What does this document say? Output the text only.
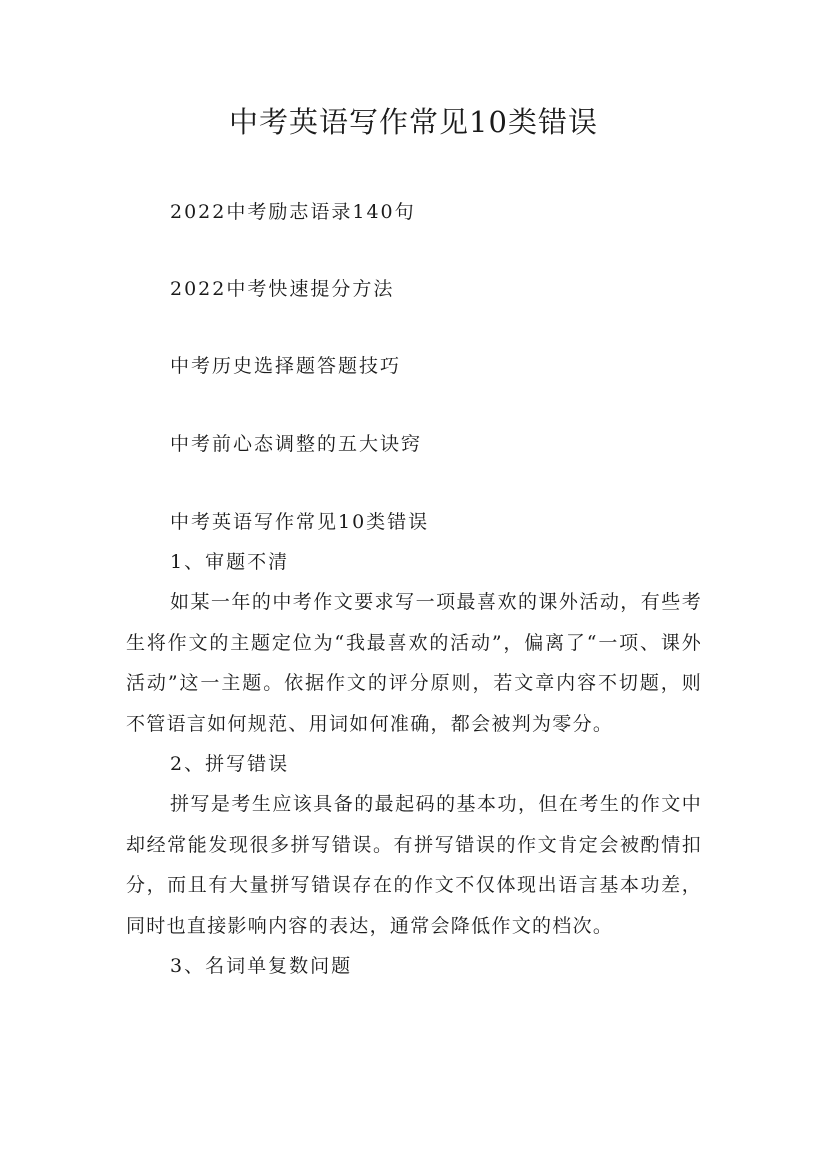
中考英语写作常见10类错误
2022中考励志语录140句
2022中考快速提分方法
中考历史选择题答题技巧
中考前心态调整的五大诀窍
中考英语写作常见10类错误

1、审题不清

如某一年的中考作文要求写一项最喜欢的课外活动，有些考生将作文的主题定位为“我最喜欢的活动”，偏离了“一项、课外活动”这一主题。依据作文的评分原则，若文章内容不切题，则不管语言如何规范、用词如何准确，都会被判为零分。

2、拼写错误

拼写是考生应该具备的最起码的基本功，但在考生的作文中却经常能发现很多拼写错误。有拼写错误的作文肯定会被酌情扣分，而且有大量拼写错误存在的作文不仅体现出语言基本功差，同时也直接影响内容的表达，通常会降低作文的档次。

3、名词单复数问题
